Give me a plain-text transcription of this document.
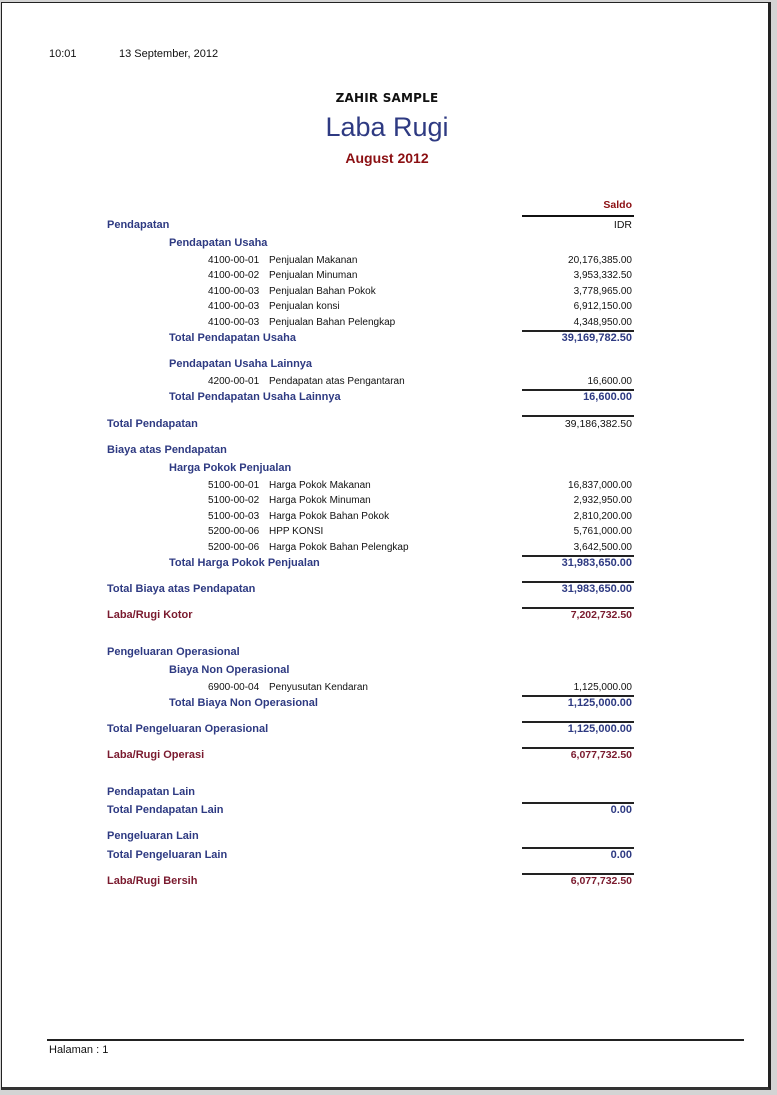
10:01	13 September, 2012
ZAHIR SAMPLE
Laba Rugi
August 2012
Saldo
IDR
Pendapatan
Pendapatan Usaha
4100-00-01 Penjualan Makanan	20,176,385.00
4100-00-02 Penjualan Minuman	3,953,332.50
4100-00-03 Penjualan Bahan Pokok	3,778,965.00
4100-00-03 Penjualan konsi	6,912,150.00
4100-00-03 Penjualan Bahan Pelengkap	4,348,950.00
Total Pendapatan Usaha	39,169,782.50
Pendapatan Usaha Lainnya
4200-00-01 Pendapatan atas Pengantaran	16,600.00
Total Pendapatan Usaha Lainnya	16,600.00
Total Pendapatan	39,186,382.50
Biaya atas Pendapatan
Harga Pokok Penjualan
5100-00-01 Harga Pokok Makanan	16,837,000.00
5100-00-02 Harga Pokok Minuman	2,932,950.00
5100-00-03 Harga Pokok Bahan Pokok	2,810,200.00
5200-00-06 HPP KONSI	5,761,000.00
5200-00-06 Harga Pokok Bahan Pelengkap	3,642,500.00
Total Harga Pokok Penjualan	31,983,650.00
Total Biaya atas Pendapatan	31,983,650.00
Laba/Rugi Kotor	7,202,732.50
Pengeluaran Operasional
Biaya Non Operasional
6900-00-04 Penyusutan Kendaran	1,125,000.00
Total Biaya Non Operasional	1,125,000.00
Total Pengeluaran Operasional	1,125,000.00
Laba/Rugi Operasi	6,077,732.50
Pendapatan Lain
Total Pendapatan Lain	0.00
Pengeluaran Lain
Total Pengeluaran Lain	0.00
Laba/Rugi Bersih	6,077,732.50
Halaman : 1
